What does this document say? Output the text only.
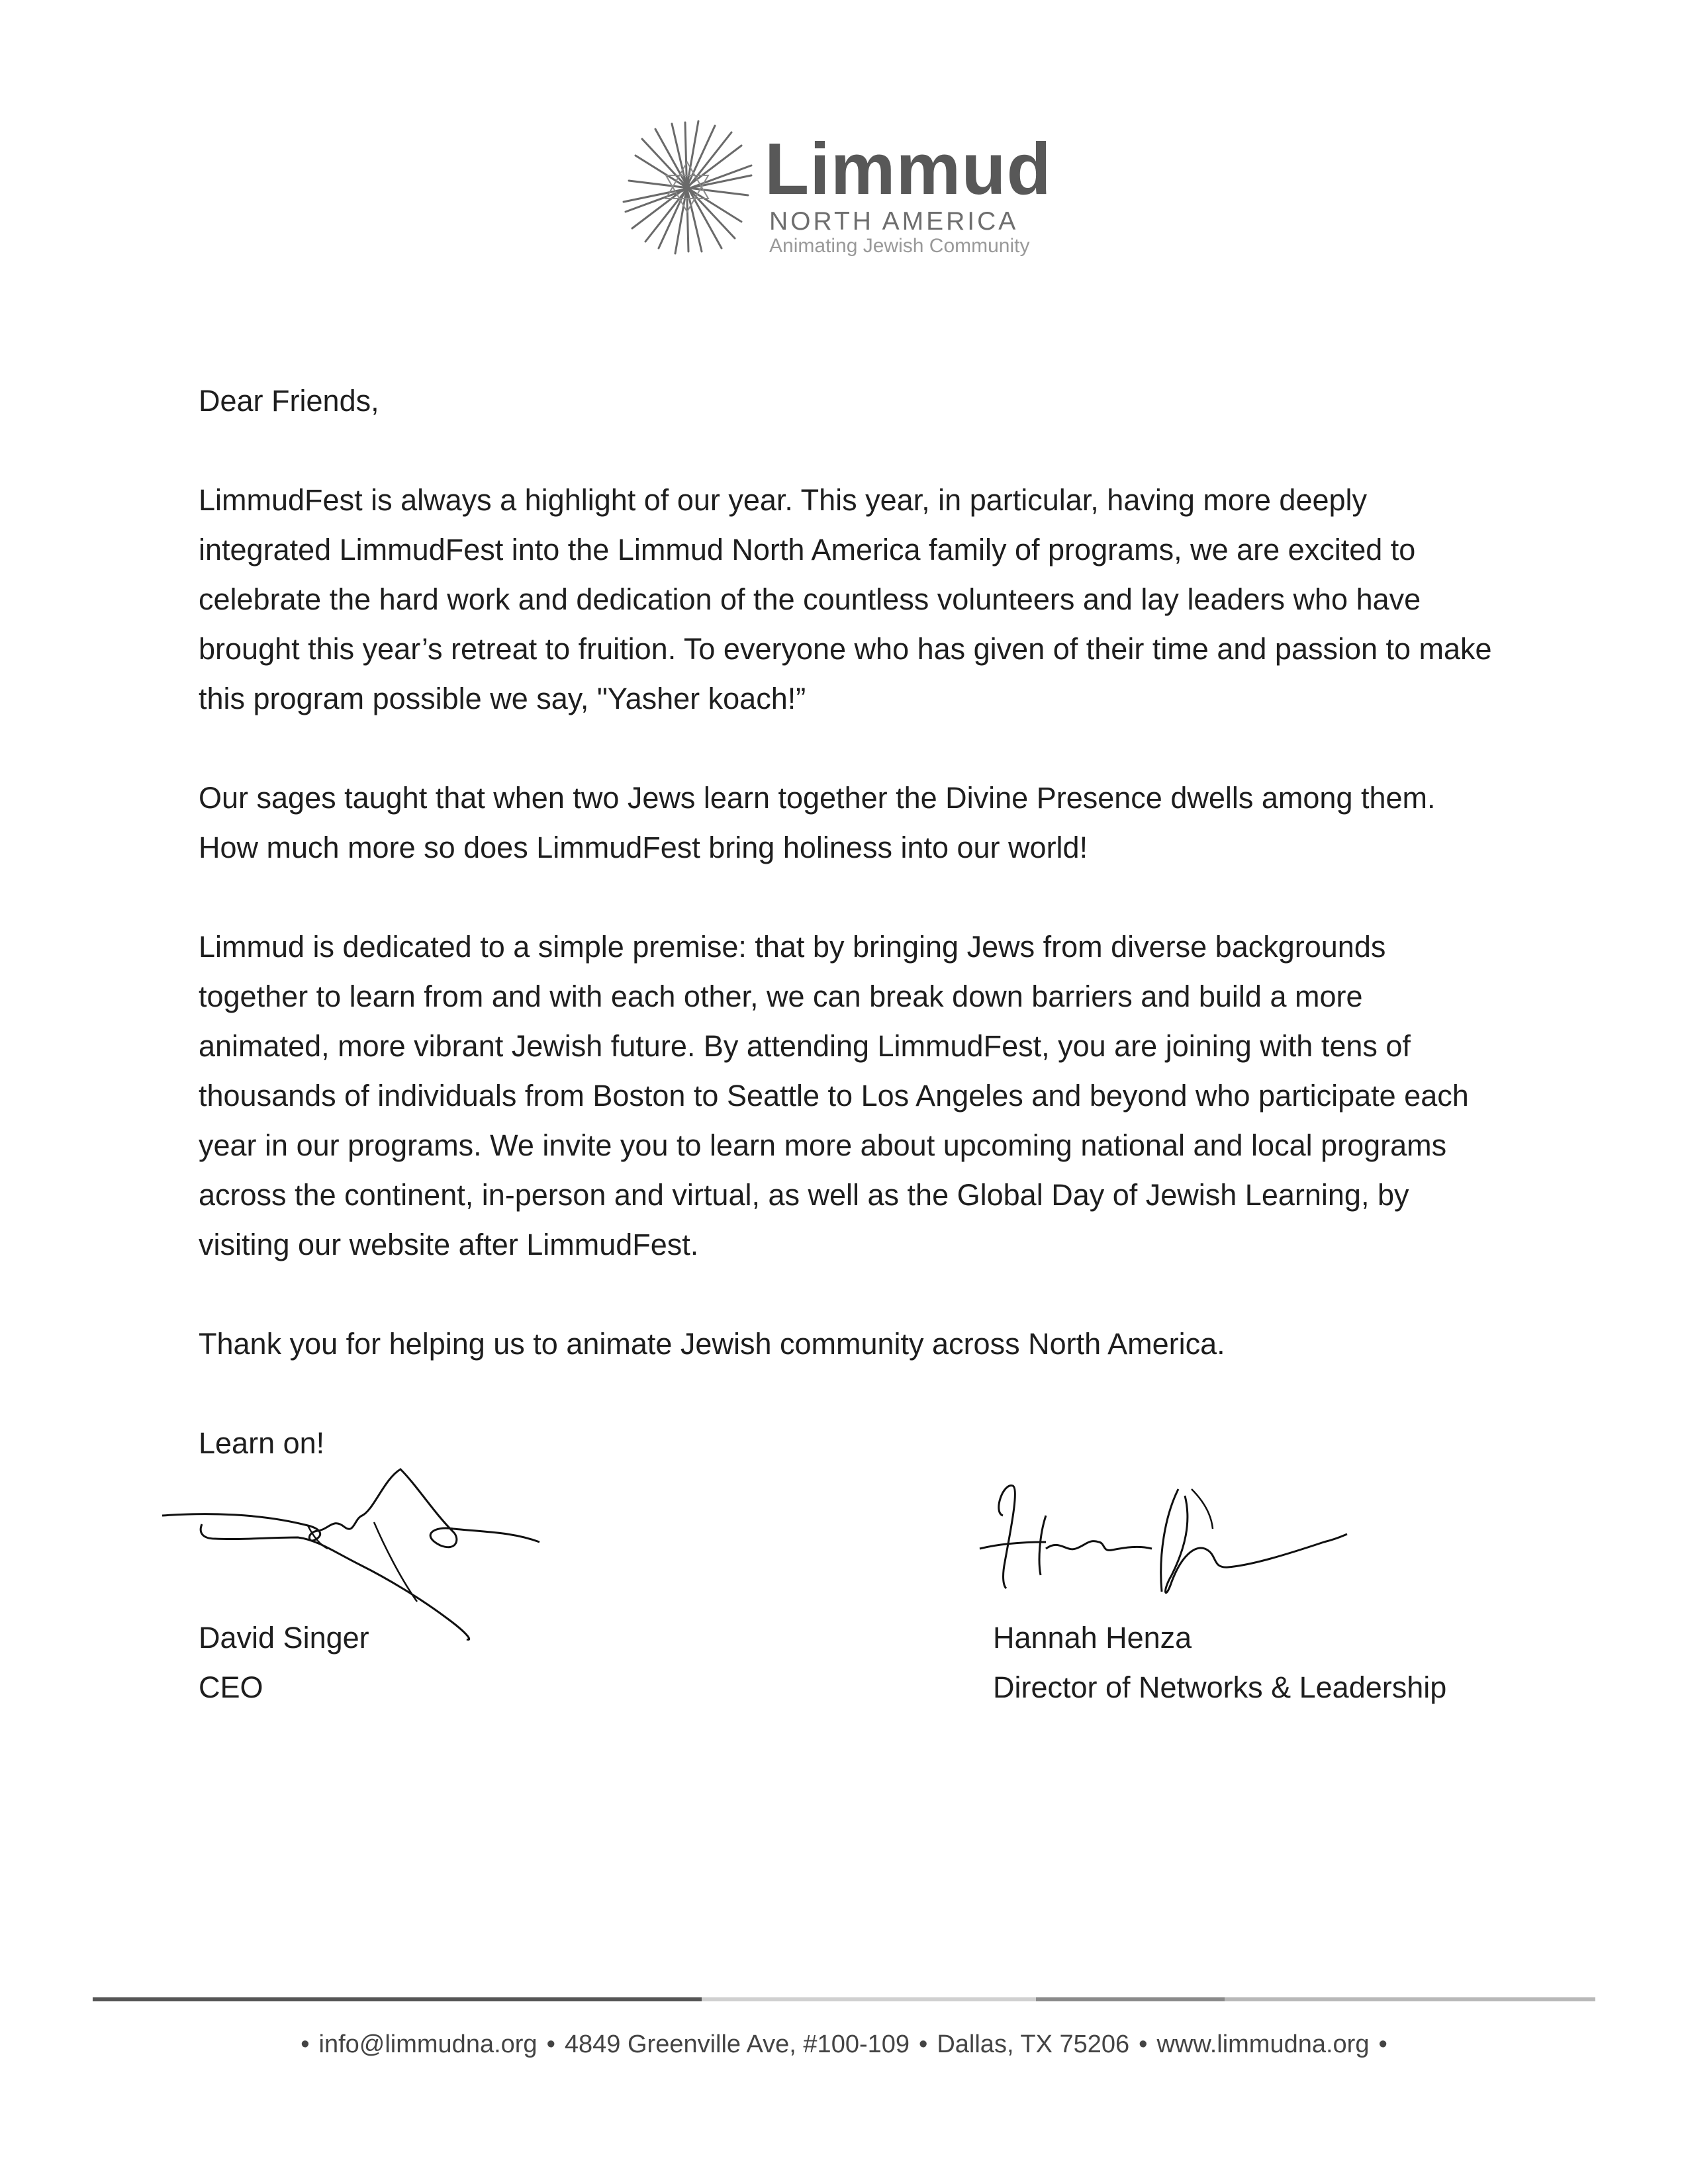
Limmud
NORTH AMERICA
Animating Jewish Community

Dear Friends,

LimmudFest is always a highlight of our year. This year, in particular, having more deeply integrated LimmudFest into the Limmud North America family of programs, we are excited to celebrate the hard work and dedication of the countless volunteers and lay leaders who have brought this year’s retreat to fruition. To everyone who has given of their time and passion to make this program possible we say, "Yasher koach!”

Our sages taught that when two Jews learn together the Divine Presence dwells among them. How much more so does LimmudFest bring holiness into our world!

Limmud is dedicated to a simple premise: that by bringing Jews from diverse backgrounds together to learn from and with each other, we can break down barriers and build a more animated, more vibrant Jewish future. By attending LimmudFest, you are joining with tens of thousands of individuals from Boston to Seattle to Los Angeles and beyond who participate each year in our programs. We invite you to learn more about upcoming national and local programs across the continent, in-person and virtual, as well as the Global Day of Jewish Learning, by visiting our website after LimmudFest.

Thank you for helping us to animate Jewish community across North America.

Learn on!

David Singer
CEO
Hannah Henza
Director of Networks & Leadership
• info@limmudna.org • 4849 Greenville Ave, #100-109 • Dallas, TX 75206 • www.limmudna.org •
